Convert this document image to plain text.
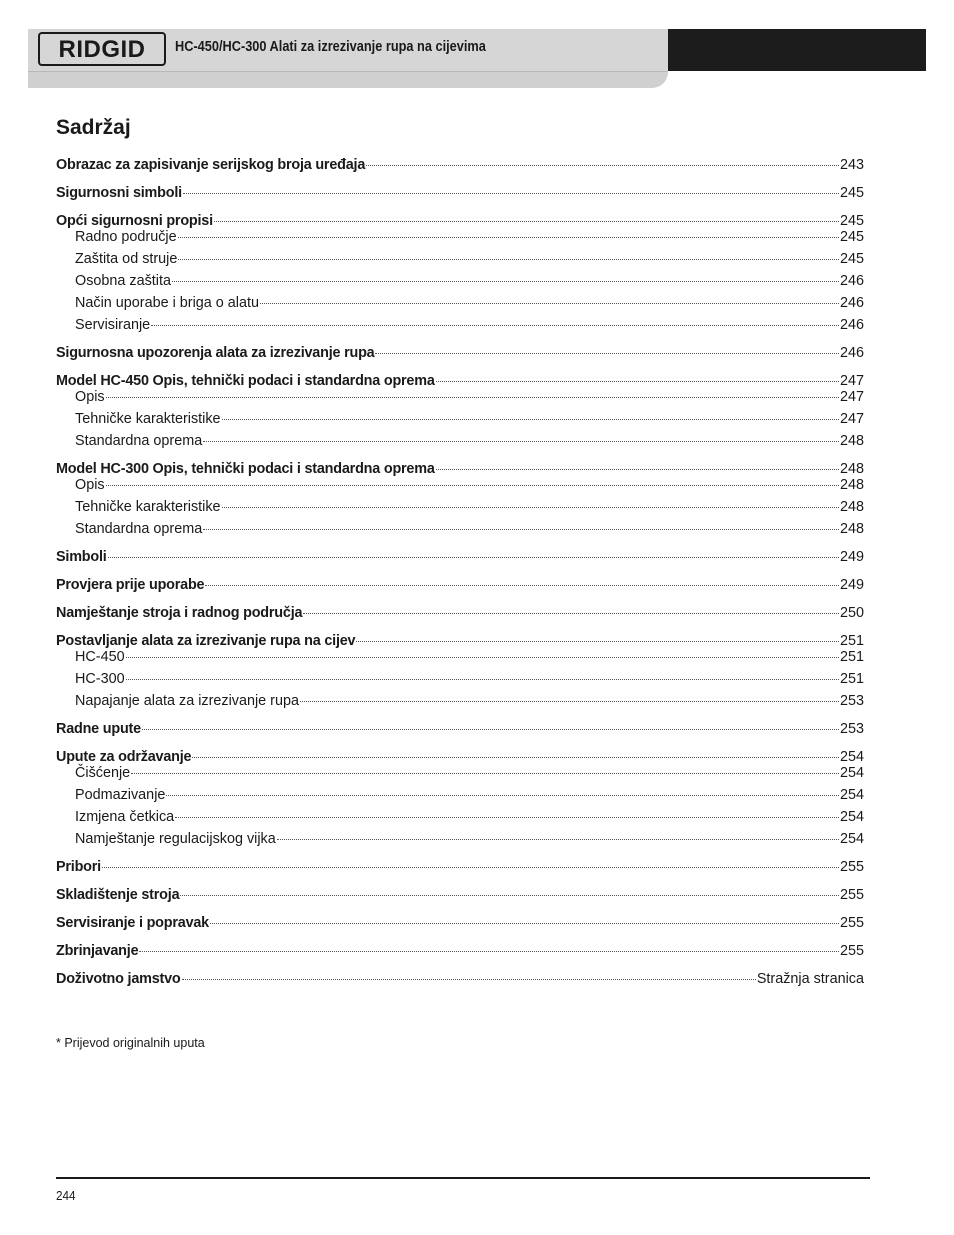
RIDGID HC-450/HC-300 Alati za izrezivanje rupa na cijevima
Sadržaj
Obrazac za zapisivanje serijskog broja uređaja	243
Sigurnosni simboli	245
Opći sigurnosni propisi	245
Radno područje	245
Zaštita od struje	245
Osobna zaštita	246
Način uporabe i briga o alatu	246
Servisiranje	246
Sigurnosna upozorenja alata za izrezivanje rupa	246
Model HC-450 Opis, tehnički podaci i standardna oprema	247
Opis	247
Tehničke karakteristike	247
Standardna oprema	248
Model HC-300 Opis, tehnički podaci i standardna oprema	248
Opis	248
Tehničke karakteristike	248
Standardna oprema	248
Simboli	249
Provjera prije uporabe	249
Namještanje stroja i radnog područja	250
Postavljanje alata za izrezivanje rupa na cijev	251
HC-450	251
HC-300	251
Napajanje alata za izrezivanje rupa	253
Radne upute	253
Upute za održavanje	254
Čišćenje	254
Podmazivanje	254
Izmjena četkica	254
Namještanje regulacijskog vijka	254
Pribori	255
Skladištenje stroja	255
Servisiranje i popravak	255
Zbrinjavanje	255
Doživotno jamstvo	Stražnja stranica
* Prijevod originalnih uputa
244
